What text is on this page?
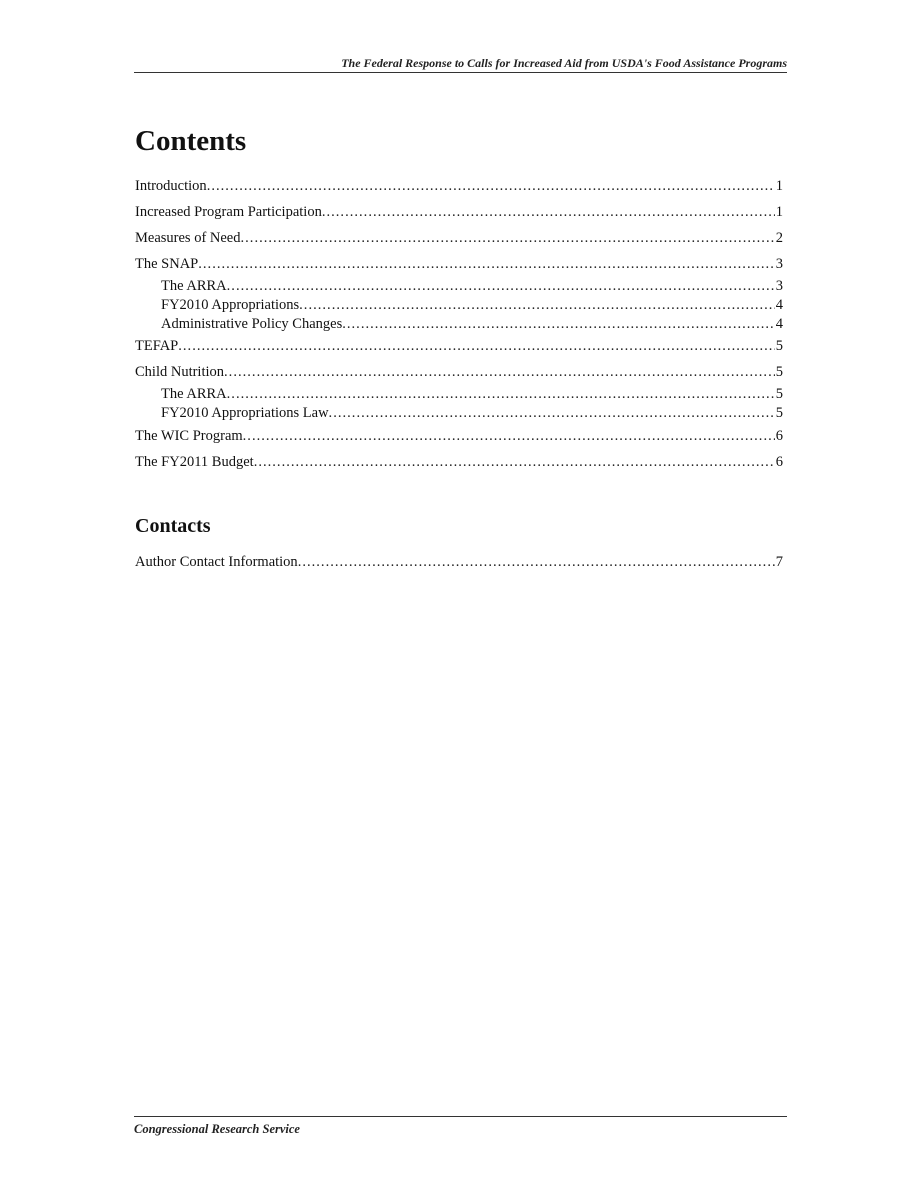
The Federal Response to Calls for Increased Aid from USDA's Food Assistance Programs
Contents
Introduction . . .	1
Increased Program Participation . . .	1
Measures of Need . . .	2
The SNAP . . .	3
The ARRA . . .	3
FY2010 Appropriations . . .	4
Administrative Policy Changes . . .	4
TEFAP . . .	5
Child Nutrition . . .	5
The ARRA . . .	5
FY2010 Appropriations Law . . .	5
The WIC Program . . .	6
The FY2011 Budget . . .	6
Contacts
Author Contact Information . . .	7
Congressional Research Service
